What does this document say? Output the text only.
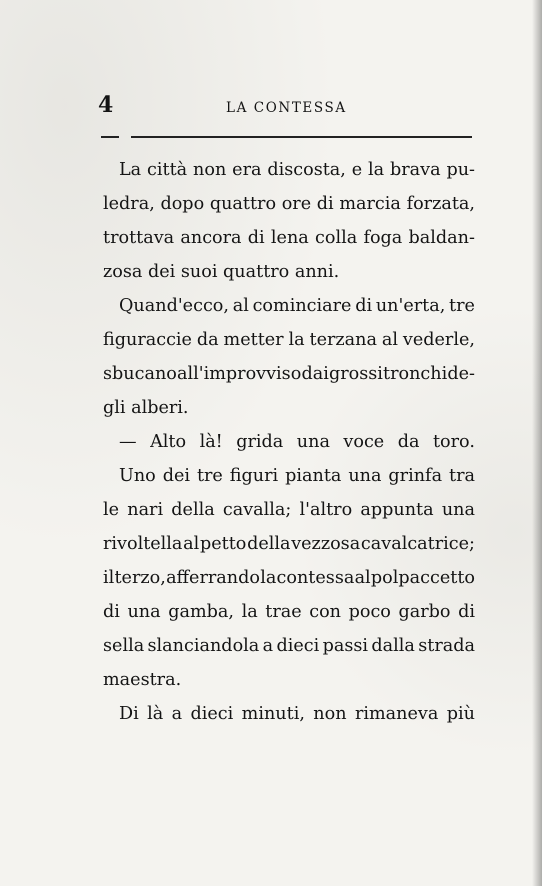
4	LA CONTESSA
La città non era discosta, e la brava pu-
ledra, dopo quattro ore di marcia forzata,
trottava ancora di lena colla foga baldan-
zosa dei suoi quattro anni.
Quand'ecco, al cominciare di un'erta, tre
figuraccie da metter la terzana al vederle,
sbucano all'improvviso dai grossi tronchi de-
gli alberi.
— Alto là! grida una voce da toro.
Uno dei tre figuri pianta una grinfa tra
le nari della cavalla; l'altro appunta una
rivoltella al petto della vezzosa cavalcatrice;
il terzo, afferrando la contessa al polpaccetto
di una gamba, la trae con poco garbo di
sella slanciandola a dieci passi dalla strada
maestra.
Di là a dieci minuti, non rimaneva più
